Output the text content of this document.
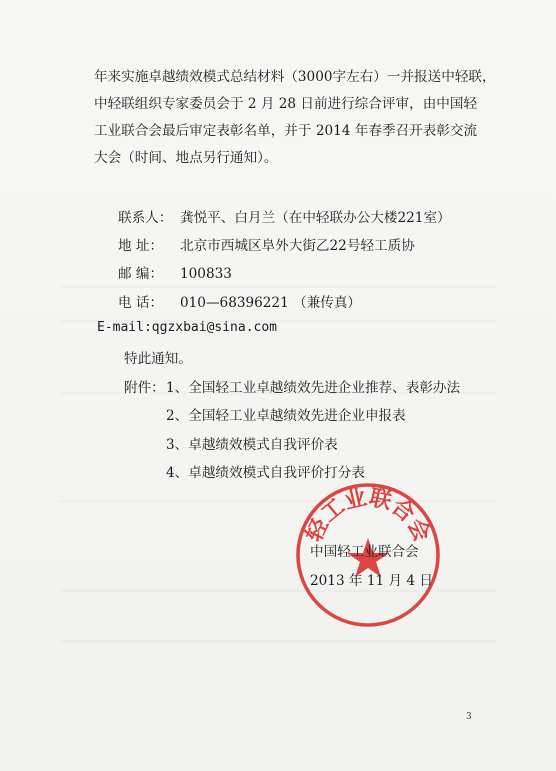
年来实施卓越绩效模式总结材料（3000字左右）一并报送中轻联，
中轻联组织专家委员会于 2 月 28 日前进行综合评审，由中国轻
工业联合会最后审定表彰名单，并于 2014 年春季召开表彰交流
大会（时间、地点另行通知）。
联系人： 龚悦平、白月兰（在中轻联办公大楼221室）
地 址： 北京市西城区阜外大街乙22号轻工质协
邮 编： 100833
电 话： 010—68396221 （兼传真）
E-mail:qgzxbai@sina.com
特此通知。
附件： 1、全国轻工业卓越绩效先进企业推荐、表彰办法
2、全国轻工业卓越绩效先进企业申报表
3、卓越绩效模式自我评价表
4、卓越绩效模式自我评价打分表
轻工业联合会
中国轻工业联合会
2013 年 11 月 4 日
3
